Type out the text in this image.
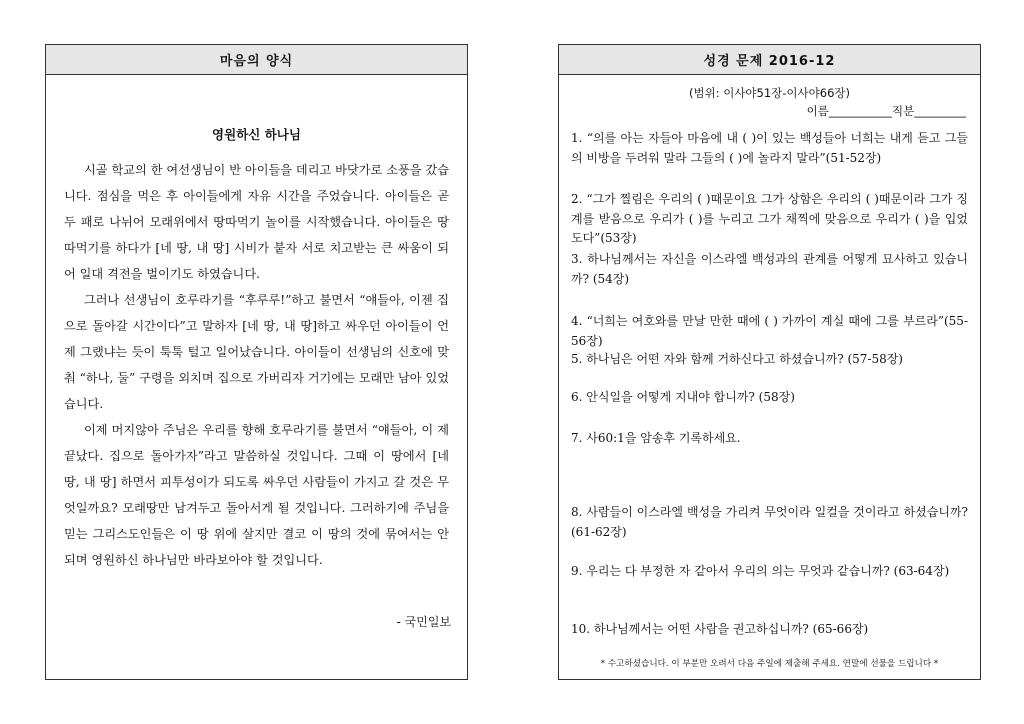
마음의 양식
영원하신 하나님

시골 학교의 한 여선생님이 반 아이들을 데리고 바닷가로 소풍을 갔습니다. 점심을 먹은 후 아이들에게 자유 시간을 주었습니다. 아이들은 곧 두 패로 나뉘어 모래위에서 땅따먹기 놀이를 시작했습니다. 아이들은 땅따먹기를 하다가 [네 땅, 내 땅] 시비가 붙자 서로 치고받는 큰 싸움이 되어 일대 격전을 벌이기도 하였습니다.

그러나 선생님이 호루라기를 “후루루!”하고 불면서 “얘들아, 이젠 집으로 돌아갈 시간이다”고 말하자 [네 땅, 내 땅]하고 싸우던 아이들이 언제 그랬냐는 듯이 툭툭 털고 일어났습니다. 아이들이 선생님의 신호에 맞춰 “하나, 둘” 구령을 외치며 집으로 가버리자 거기에는 모래만 남아 있었습니다.

이제 머지않아 주님은 우리를 향해 호루라기를 불면서 “얘들아, 이 제 끝났다. 집으로 돌아가자”라고 말씀하실 것입니다. 그때 이 땅에서 [네 땅, 내 땅] 하면서 피투성이가 되도록 싸우던 사람들이 가지고 갈 것은 무엇일까요? 모래땅만 남겨두고 돌아서게 될 것입니다. 그러하기에 주님을 믿는 그리스도인들은 이 땅 위에 살지만 결코 이 땅의 것에 묶여서는 안 되며 영원하신 하나님만 바라보아야 할 것입니다.

- 국민일보
성경 문제 2016-12
(범위: 이사야51장-이사야66장)
이름___________직분_________
1. “의를 아는 자들아 마음에 내 ( )이 있는 백성들아 너희는 내게 듣고 그들의 비방을 두려워 말라 그들의 ( )에 놀라지 말라”(51-52장)
2. “그가 찔림은 우리의 ( )때문이요 그가 상함은 우리의 ( )때문이라 그가 징계를 받음으로 우리가 ( )를 누리고 그가 채찍에 맞음으로 우리가 ( )을 입었도다”(53장)
3. 하나님께서는 자신을 이스라엘 백성과의 관계를 어떻게 묘사하고 있습니까? (54장)
4. “너희는 여호와를 만날 만한 때에 ( ) 가까이 계실 때에 그를 부르라”(55-56장)
5. 하나님은 어떤 자와 함께 거하신다고 하셨습니까? (57-58장)
6. 안식일을 어떻게 지내야 합니까? (58장)
7. 사60:1을 암송후 기록하세요.
8. 사람들이 이스라엘 백성을 가리켜 무엇이라 일컬을 것이라고 하셨습니까? (61-62장)
9. 우리는 다 부정한 자 같아서 우리의 의는 무엇과 같습니까? (63-64장)
10. 하나님께서는 어떤 사람을 권고하십니까? (65-66장)
* 수고하셨습니다. 이 부분만 오려서 다음 주일에 제출해 주세요. 연말에 선물을 드립니다 *
